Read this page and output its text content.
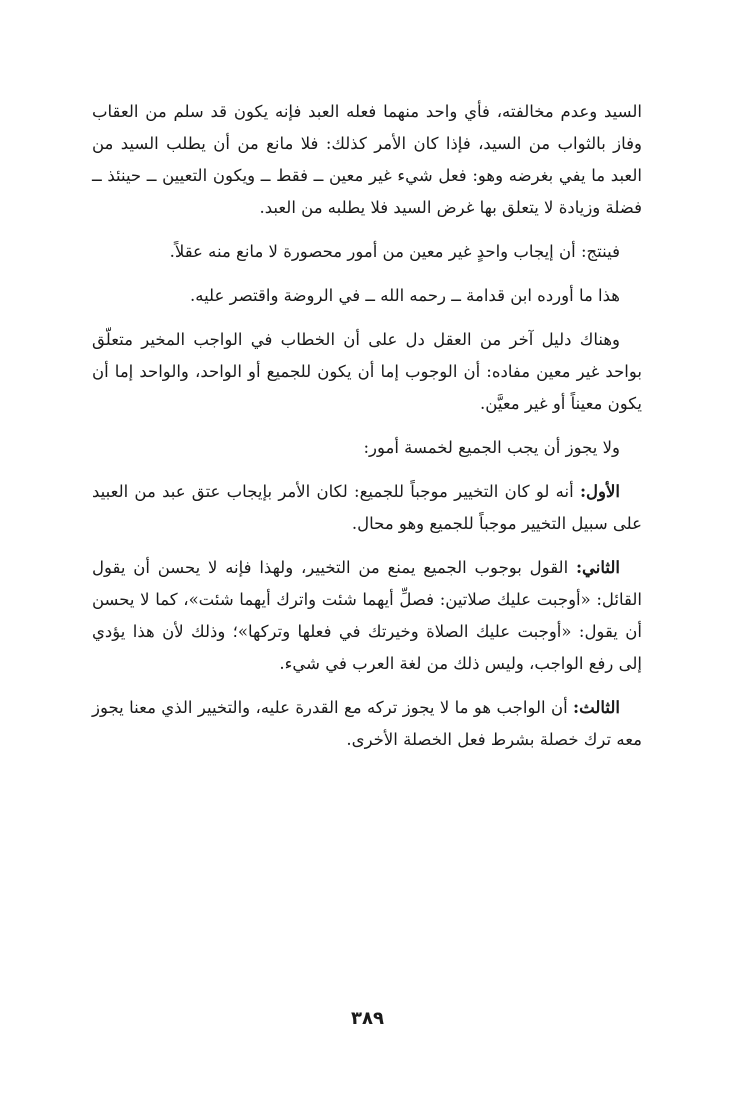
السيد وعدم مخالفته، فأي واحد منهما فعله العبد فإنه يكون قد سلم من العقاب وفاز بالثواب من السيد، فإذا كان الأمر كذلك: فلا مانع من أن يطلب السيد من العبد ما يفي بغرضه وهو: فعل شيء غير معين ــ فقط ــ ويكون التعيين ــ حينئذ ــ فضلة وزيادة لا يتعلق بها غرض السيد فلا يطلبه من العبد.

فينتج: أن إيجاب واحدٍ غير معين من أمور محصورة لا مانع منه عقلاً.

هذا ما أورده ابن قدامة ــ رحمه الله ــ في الروضة واقتصر عليه.

وهناك دليل آخر من العقل دل على أن الخطاب في الواجب المخير متعلّق بواحد غير معين مفاده: أن الوجوب إما أن يكون للجميع أو الواحد، والواحد إما أن يكون معيناً أو غير معيَّن.

ولا يجوز أن يجب الجميع لخمسة أمور:

الأول: أنه لو كان التخيير موجباً للجميع: لكان الأمر بإيجاب عتق عبد من العبيد على سبيل التخيير موجباً للجميع وهو محال.

الثاني: القول بوجوب الجميع يمنع من التخيير، ولهذا فإنه لا يحسن أن يقول القائل: «أوجبت عليك صلاتين: فصلِّ أيهما شئت واترك أيهما شئت»، كما لا يحسن أن يقول: «أوجبت عليك الصلاة وخيرتك في فعلها وتركها»؛ وذلك لأن هذا يؤدي إلى رفع الواجب، وليس ذلك من لغة العرب في شيء.

الثالث: أن الواجب هو ما لا يجوز تركه مع القدرة عليه، والتخيير الذي معنا يجوز معه ترك خصلة بشرط فعل الخصلة الأخرى.

٣٨٩
